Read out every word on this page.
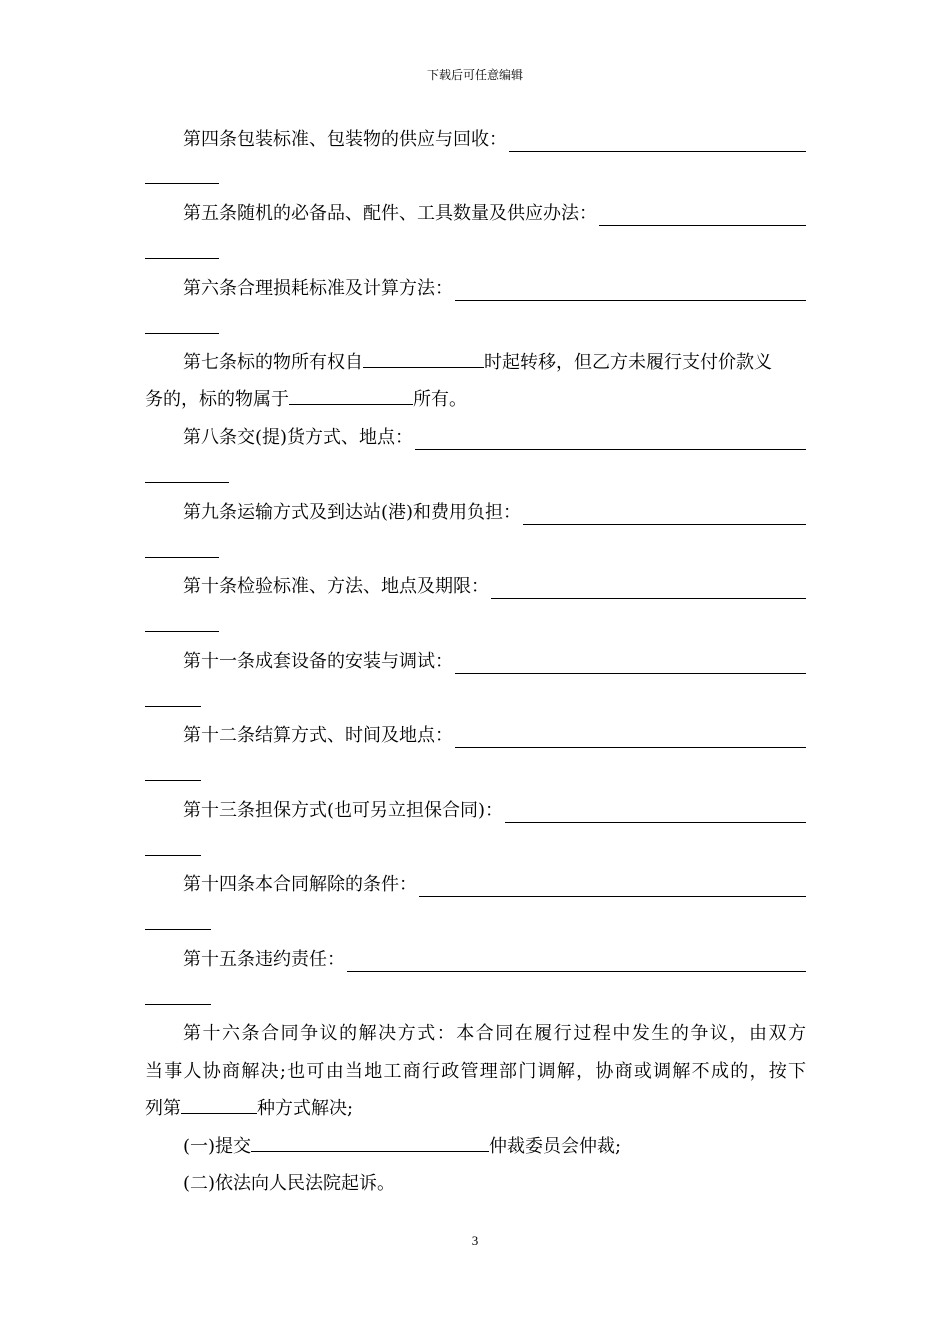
下载后可任意编辑
第四条包装标准、包装物的供应与回收：
第五条随机的必备品、配件、工具数量及供应办法：
第六条合理损耗标准及计算方法：
第七条标的物所有权自	时起转移，但乙方未履行支付价款义
务的，标的物属于	所有。
第八条交(提)货方式、地点：
第九条运输方式及到达站(港)和费用负担：
第十条检验标准、方法、地点及期限：
第十一条成套设备的安装与调试：
第十二条结算方式、时间及地点：
第十三条担保方式(也可另立担保合同)：
第十四条本合同解除的条件：
第十五条违约责任：
第十六条合同争议的解决方式：本合同在履行过程中发生的争议，由双方
当事人协商解决;也可由当地工商行政管理部门调解，协商或调解不成的，按下
列第	种方式解决;
(一)提交	仲裁委员会仲裁;
(二)依法向人民法院起诉。
3
